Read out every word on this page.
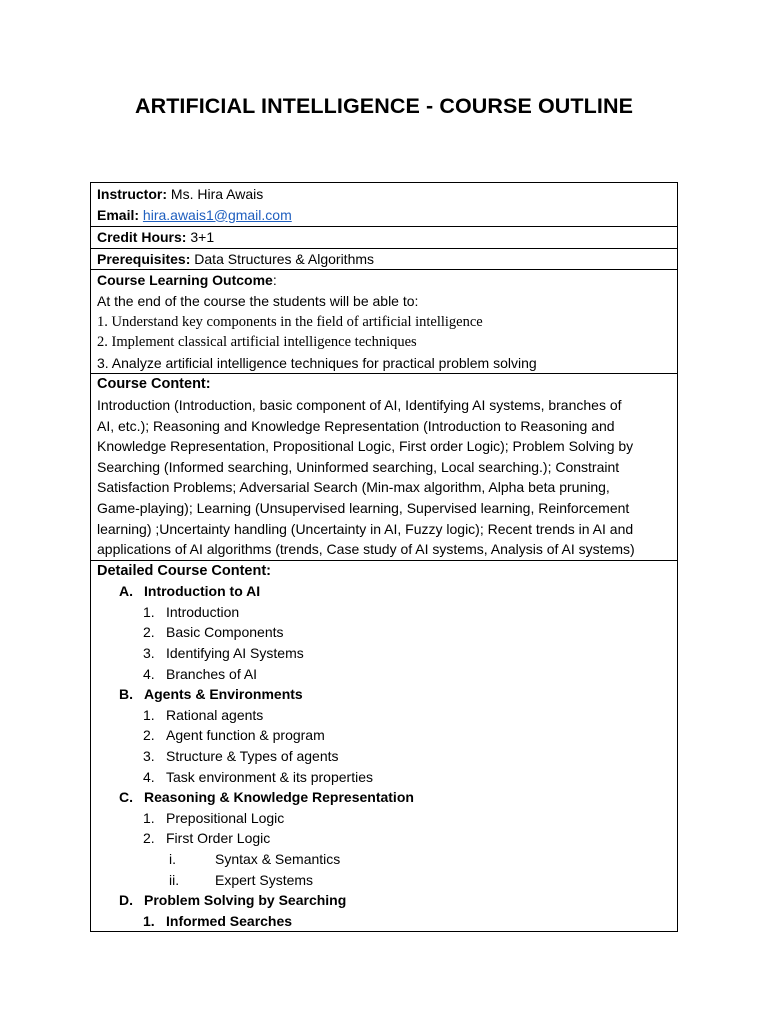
ARTIFICIAL INTELLIGENCE - COURSE OUTLINE
Instructor: Ms. Hira Awais
Email: hira.awais1@gmail.com
Credit Hours: 3+1
Prerequisites: Data Structures & Algorithms
Course Learning Outcome:
At the end of the course the students will be able to:
1. Understand key components in the field of artificial intelligence
2. Implement classical artificial intelligence techniques
3. Analyze artificial intelligence techniques for practical problem solving
Course Content:
Introduction (Introduction, basic component of AI, Identifying AI systems, branches of
AI, etc.); Reasoning and Knowledge Representation (Introduction to Reasoning and
Knowledge Representation, Propositional Logic, First order Logic); Problem Solving by
Searching (Informed searching, Uninformed searching, Local searching.); Constraint
Satisfaction Problems; Adversarial Search (Min-max algorithm, Alpha beta pruning,
Game-playing); Learning (Unsupervised learning, Supervised learning, Reinforcement
learning) ;Uncertainty handling (Uncertainty in AI, Fuzzy logic); Recent trends in AI and
applications of AI algorithms (trends, Case study of AI systems, Analysis of AI systems)
Detailed Course Content:
A. Introduction to AI
1. Introduction
2. Basic Components
3. Identifying AI Systems
4. Branches of AI
B. Agents & Environments
1. Rational agents
2. Agent function & program
3. Structure & Types of agents
4. Task environment & its properties
C. Reasoning & Knowledge Representation
1. Prepositional Logic
2. First Order Logic
i.	Syntax & Semantics
ii.	Expert Systems
D. Problem Solving by Searching
1. Informed Searches
